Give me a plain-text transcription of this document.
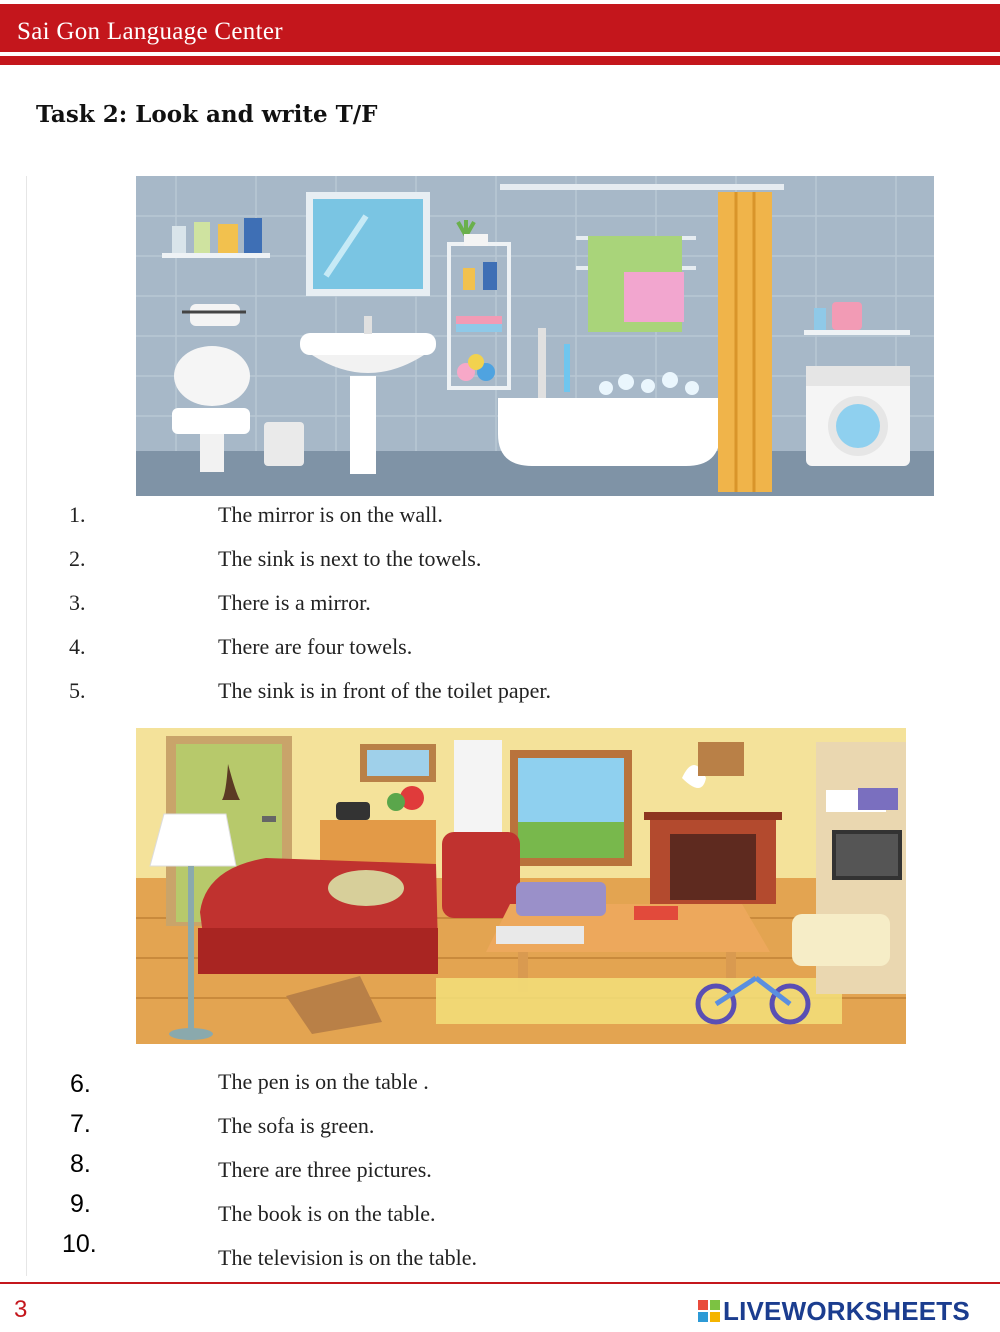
Sai Gon Language Center
Task 2: Look and write T/F
1.	The mirror is on the wall.
2.	The sink is next to the towels.
3.	There is a mirror.
4.	There are four towels.
5.	The sink is in front of the toilet paper.
6.	The pen is on the table .
7.	The sofa is green.
8.	There are three pictures.
9.	The book is on the table.
10.	The television is on the table.
3	LIVEWORKSHEETS
